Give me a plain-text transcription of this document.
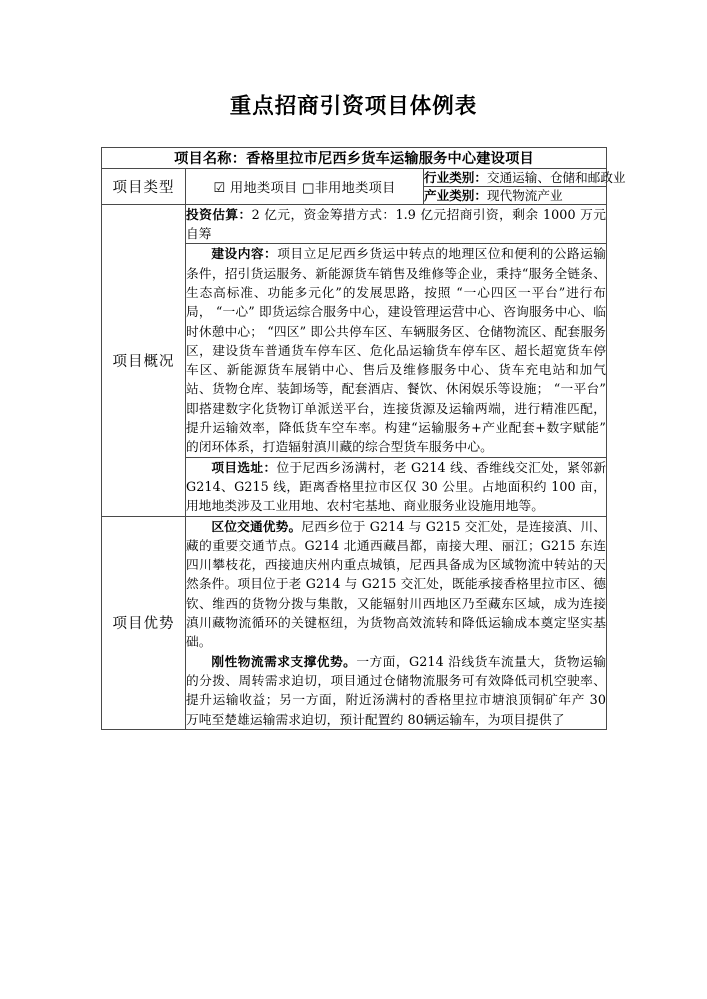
重点招商引资项目体例表
项目名称：香格里拉市尼西乡货车运输服务中心建设项目		
项目类型	☑ 用地类项目 □非用地类项目	行业类别：交通运输、仓储和邮政业
		产业类别：现代物流产业
项目概况	投资估算：2 亿元，资金筹措方式：1.9 亿元招商引资，剩余 1000 万元自筹	

	建设内容：项目立足尼西乡货运中转点的地理区位和便利的公路运输条件，招引货运服务、新能源货车销售及维修等企业，秉持“服务全链条、生态高标准、功能多元化”的发展思路，按照 “一心四区一平台”进行布局， “一心” 即货运综合服务中心，建设管理运营中心、咨询服务中心、临时休憩中心； “四区” 即公共停车区、车辆服务区、仓储物流区、配套服务区，建设货车普通货车停车区、危化品运输货车停车区、超长超宽货车停车区、新能源货车展销中心、售后及维修服务中心、货车充电站和加气站、货物仓库、装卸场等，配套酒店、餐饮、休闲娱乐等设施； “一平台” 即搭建数字化货物订单派送平台，连接货源及运输两端，进行精准匹配，提升运输效率，降低货车空车率。构建“运输服务+产业配套+数字赋能” 的闭环体系，打造辐射滇川藏的综合型货车服务中心。	

	项目选址：位于尼西乡汤满村，老 G214 线、香维线交汇处，紧邻新 G214、G215 线，距离香格里拉市区仅 30 公里。占地面积约 100 亩，用地地类涉及工业用地、农村宅基地、商业服务业设施用地等。	

项目优势	区位交通优势。尼西乡位于 G214 与 G215 交汇处，是连接滇、川、藏的重要交通节点。G214 北通西藏昌都，南接大理、丽江；G215 东连四川攀枝花，西接迪庆州内重点城镇，尼西具备成为区域物流中转站的天然条件。项目位于老 G214 与 G215 交汇处，既能承接香格里拉市区、德钦、维西的货物分拨与集散，又能辐射川西地区乃至藏东区域，成为连接滇川藏物流循环的关键枢纽，为货物高效流转和降低运输成本奠定坚实基础。

刚性物流需求支撑优势。一方面，G214 沿线货车流量大，货物运输的分拨、周转需求迫切，项目通过仓储物流服务可有效降低司机空驶率、提升运输收益；另一方面，附近汤满村的香格里拉市塘浪顶铜矿年产 30 万吨至楚雄运输需求迫切，预计配置约 80辆运输车，为项目提供了	
